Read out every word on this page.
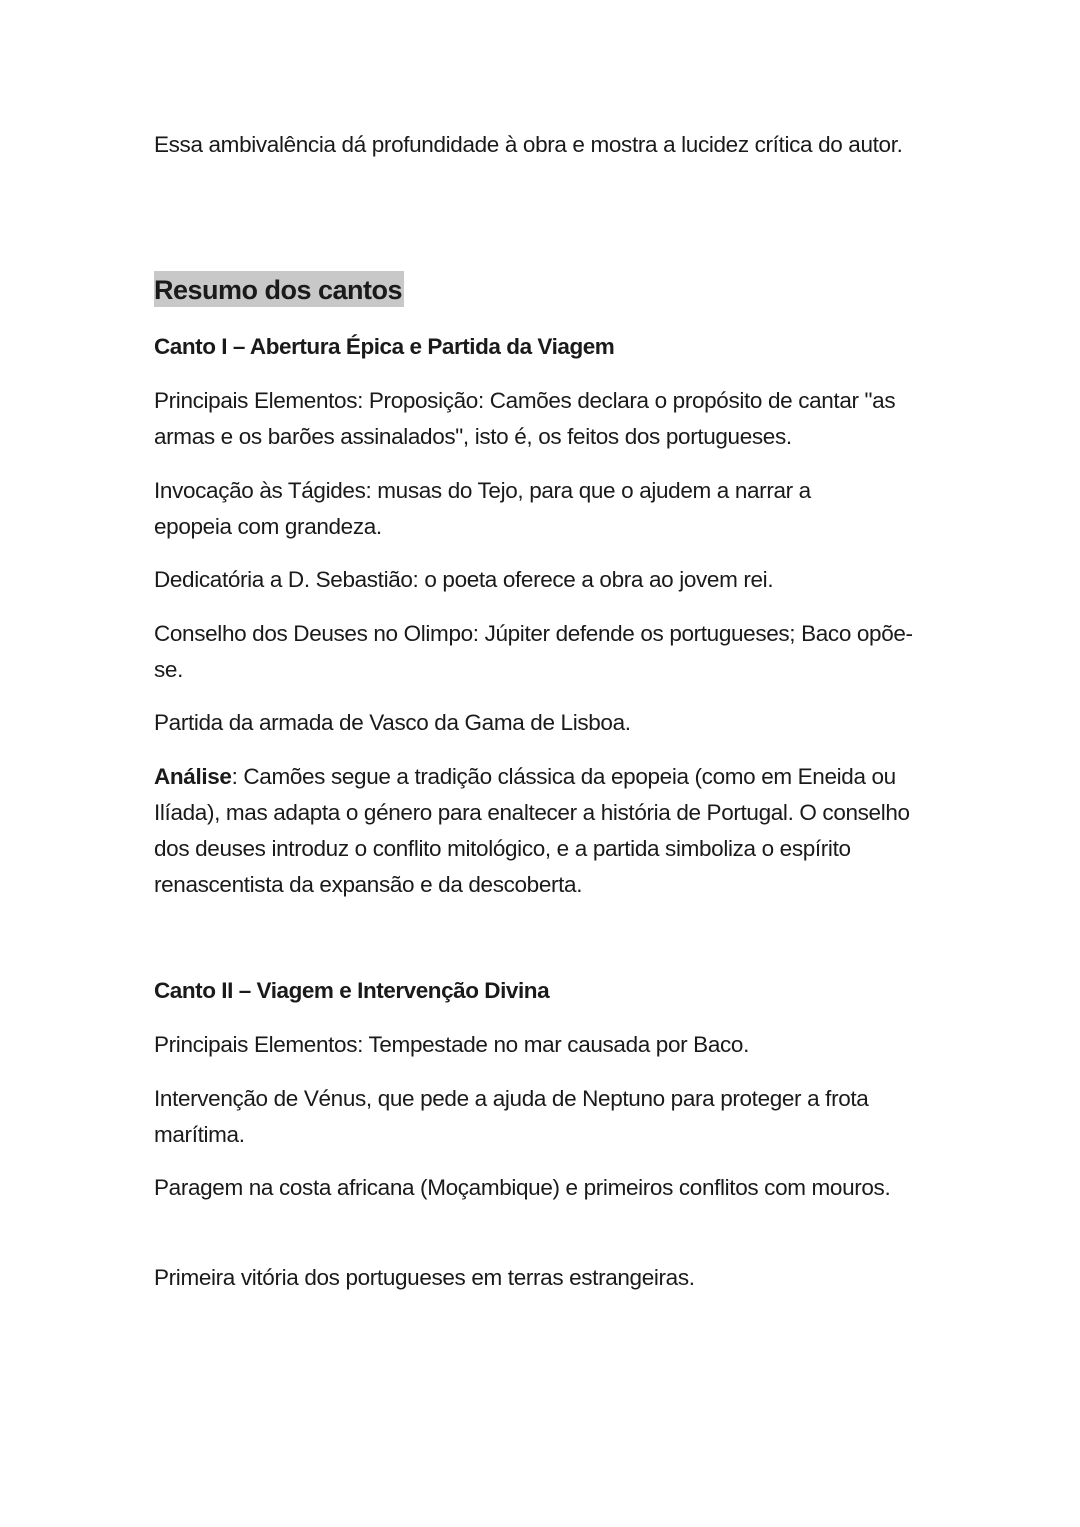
Essa ambivalência dá profundidade à obra e mostra a lucidez crítica do autor.

Resumo dos cantos
Canto I – Abertura Épica e Partida da Viagem

Principais Elementos: Proposição: Camões declara o propósito de cantar "as armas e os barões assinalados", isto é, os feitos dos portugueses.

Invocação às Tágides: musas do Tejo, para que o ajudem a narrar a epopeia com grandeza.

Dedicatória a D. Sebastião: o poeta oferece a obra ao jovem rei.

Conselho dos Deuses no Olimpo: Júpiter defende os portugueses; Baco opõe-se.

Partida da armada de Vasco da Gama de Lisboa.

Análise: Camões segue a tradição clássica da epopeia (como em Eneida ou Ilíada), mas adapta o género para enaltecer a história de Portugal. O conselho dos deuses introduz o conflito mitológico, e a partida simboliza o espírito renascentista da expansão e da descoberta.

Canto II – Viagem e Intervenção Divina

Principais Elementos: Tempestade no mar causada por Baco.

Intervenção de Vénus, que pede a ajuda de Neptuno para proteger a frota marítima.

Paragem na costa africana (Moçambique) e primeiros conflitos com mouros.

Primeira vitória dos portugueses em terras estrangeiras.
